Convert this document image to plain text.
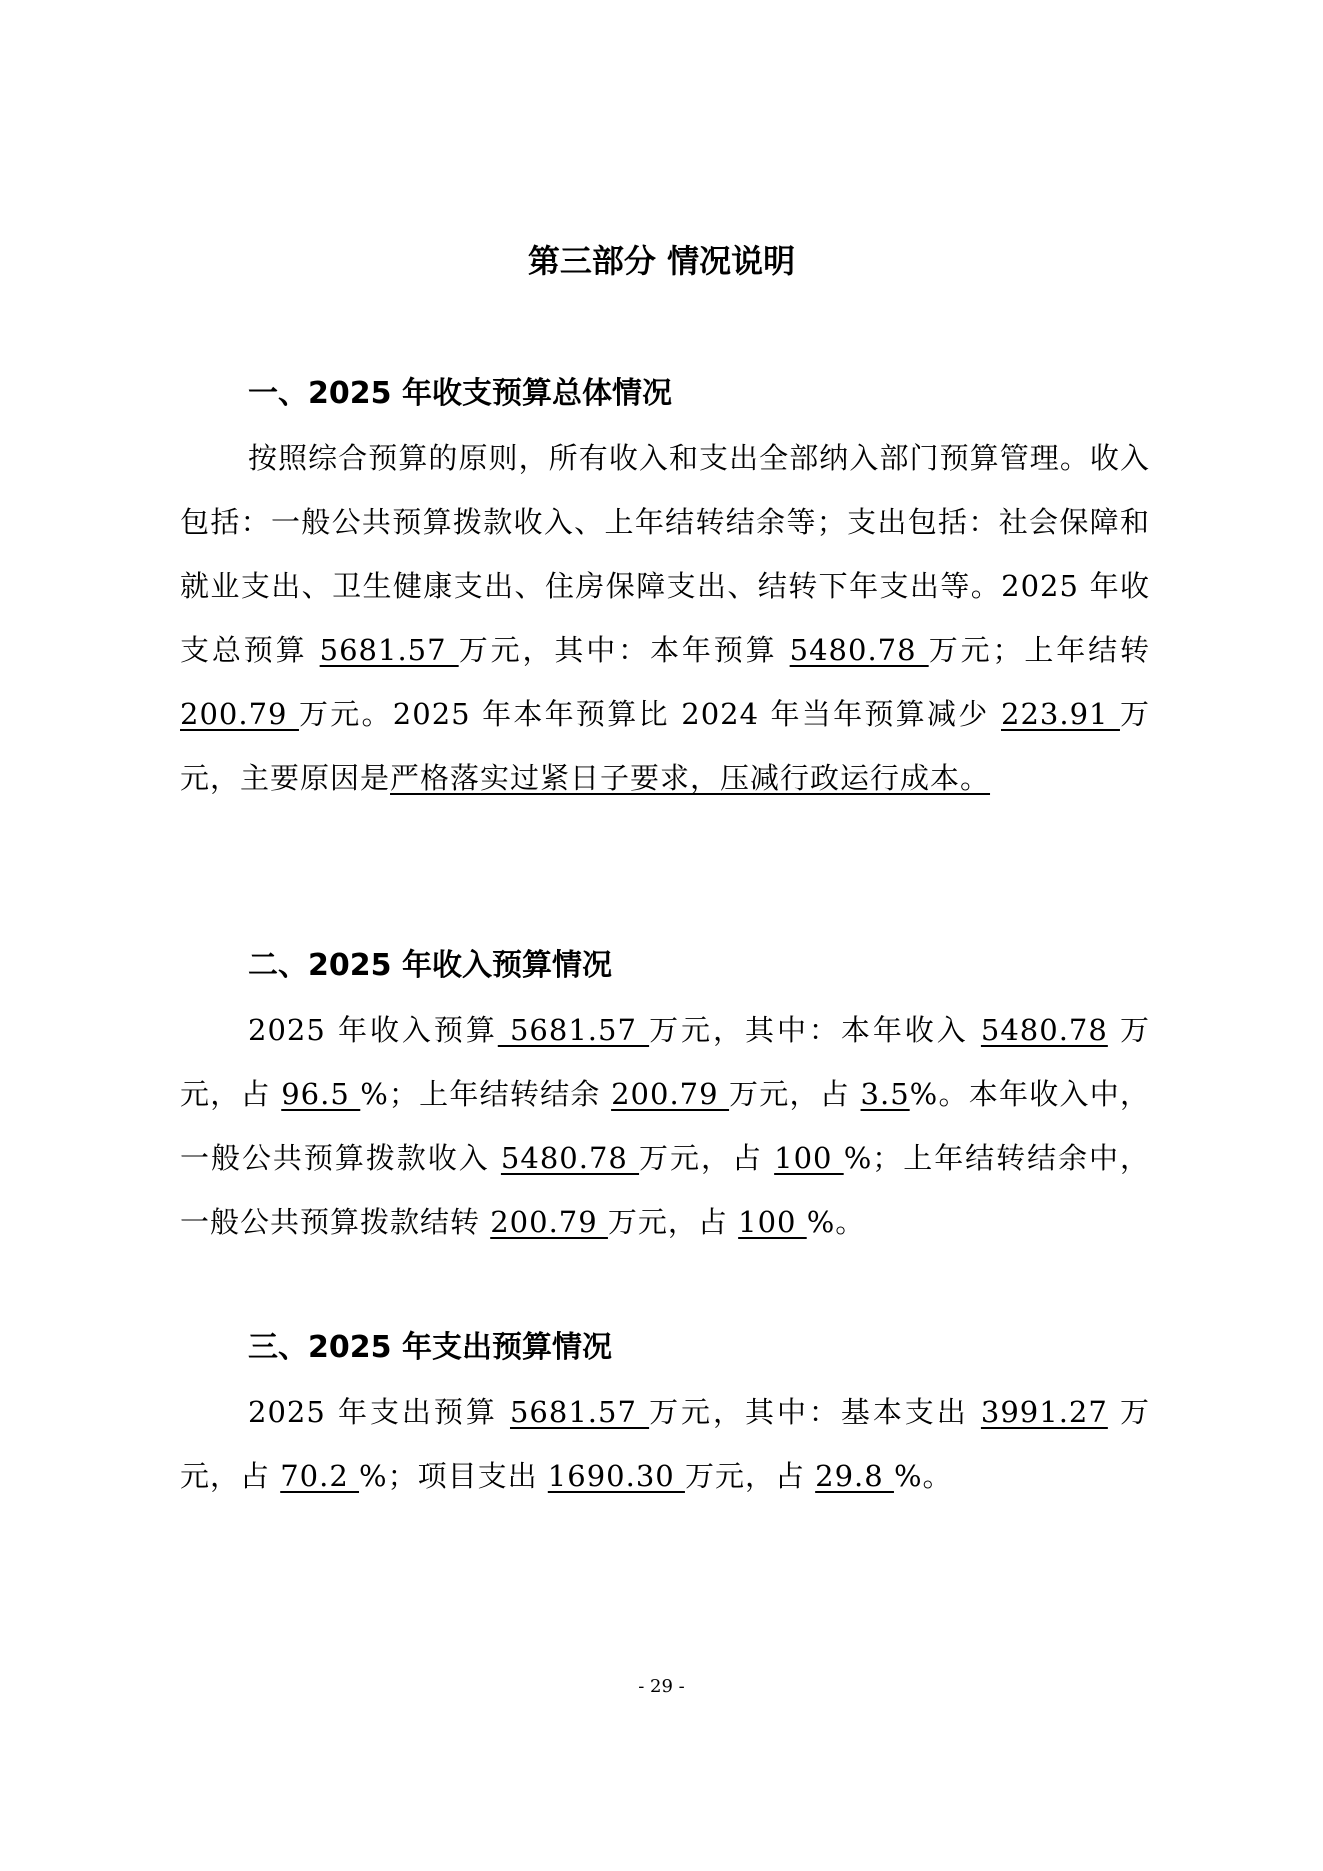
第三部分 情况说明
一、2025 年收支预算总体情况

按照综合预算的原则，所有收入和支出全部纳入部门预算管理。收入包括：一般公共预算拨款收入、上年结转结余等；支出包括：社会保障和就业支出、卫生健康支出、住房保障支出、结转下年支出等。2025 年收支总预算 5681.57 万元，其中：本年预算 5480.78 万元；上年结转 200.79 万元。2025 年本年预算比 2024 年当年预算减少 223.91 万元，主要原因是严格落实过紧日子要求，压减行政运行成本。

二、2025 年收入预算情况

2025 年收入预算 5681.57 万元，其中：本年收入 5480.78 万元，占 96.5 %；上年结转结余 200.79 万元，占 3.5%。本年收入中，一般公共预算拨款收入 5480.78 万元，占 100 %；上年结转结余中，一般公共预算拨款结转 200.79 万元，占 100 %。

三、2025 年支出预算情况

2025 年支出预算 5681.57 万元，其中：基本支出 3991.27 万元，占 70.2 %；项目支出 1690.30 万元，占 29.8 %。

- 29 -
